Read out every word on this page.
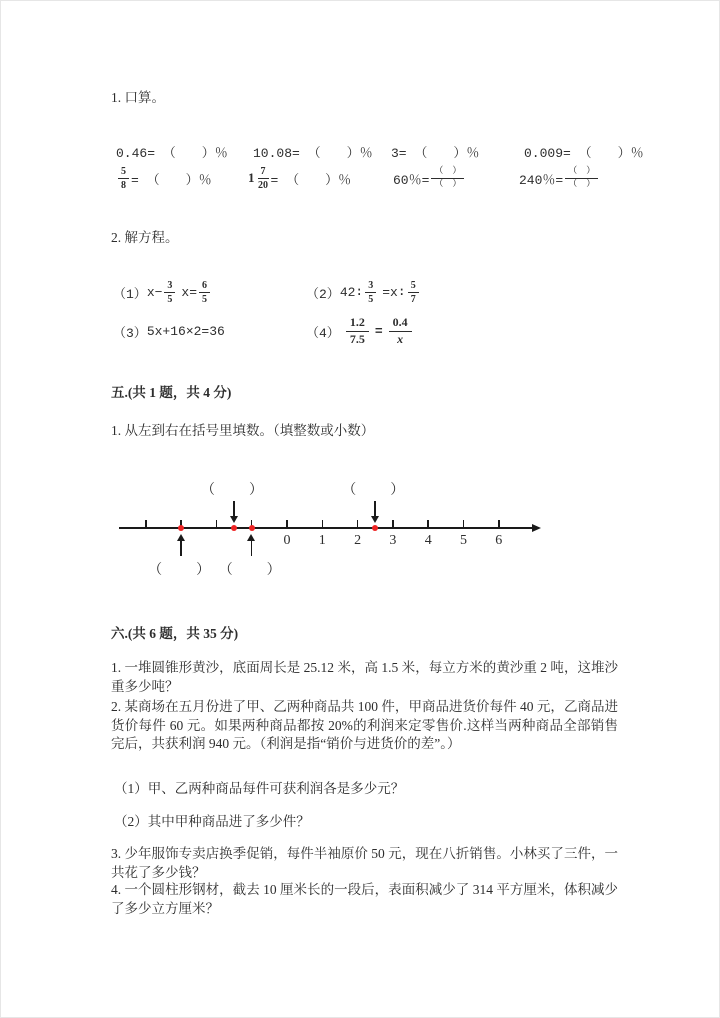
1. 口算。
0.46= （　　）％ 10.08= （　　）％ 3= （　　）％	0.009= （　　）％
$\frac{5}{8}$ = （　　）％	$1 \frac{7}{20}$ = （　　）％	60％= $\frac{( )}{( )}$	240％= $\frac{( )}{( )}$
2. 解方程。
（1） $x- \frac{3}{5} x= \frac{6}{5}$	（2） 42∶ $\frac{3}{5}$ =x∶ $\frac{5}{7}$
（3） 5x+16×2=36	$(4) \frac{1.2}{7.5} = \frac{0.4}{x}$
五.(共 1 题，共 4 分)
1. 从左到右在括号里填数。（填整数或小数）
0	1	2	3	4	5	6
（　　）
（　　）
（　　）
（　　）
六.(共 6 题，共 35 分)
1. 一堆圆锥形黄沙，底面周长是 25.12 米，高 1.5 米，每立方米的黄沙重 2 吨，这堆沙重多少吨？
2. 某商场在五月份进了甲、乙两种商品共 100 件，甲商品进货价每件 40 元，乙商品进货价每件 60 元。如果两种商品都按 20%的利润来定零售价.这样当两种商品全部销售完后，共获利润 940 元。（利润是指“销价与进货价的差”。）
（1）甲、乙两种商品每件可获利润各是多少元？
（2）其中甲种商品进了多少件？
3. 少年服饰专卖店换季促销，每件半袖原价 50 元，现在八折销售。小林买了三件，一共花了多少钱？
4. 一个圆柱形钢材，截去 10 厘米长的一段后，表面积减少了 314 平方厘米，体积减少了多少立方厘米？
